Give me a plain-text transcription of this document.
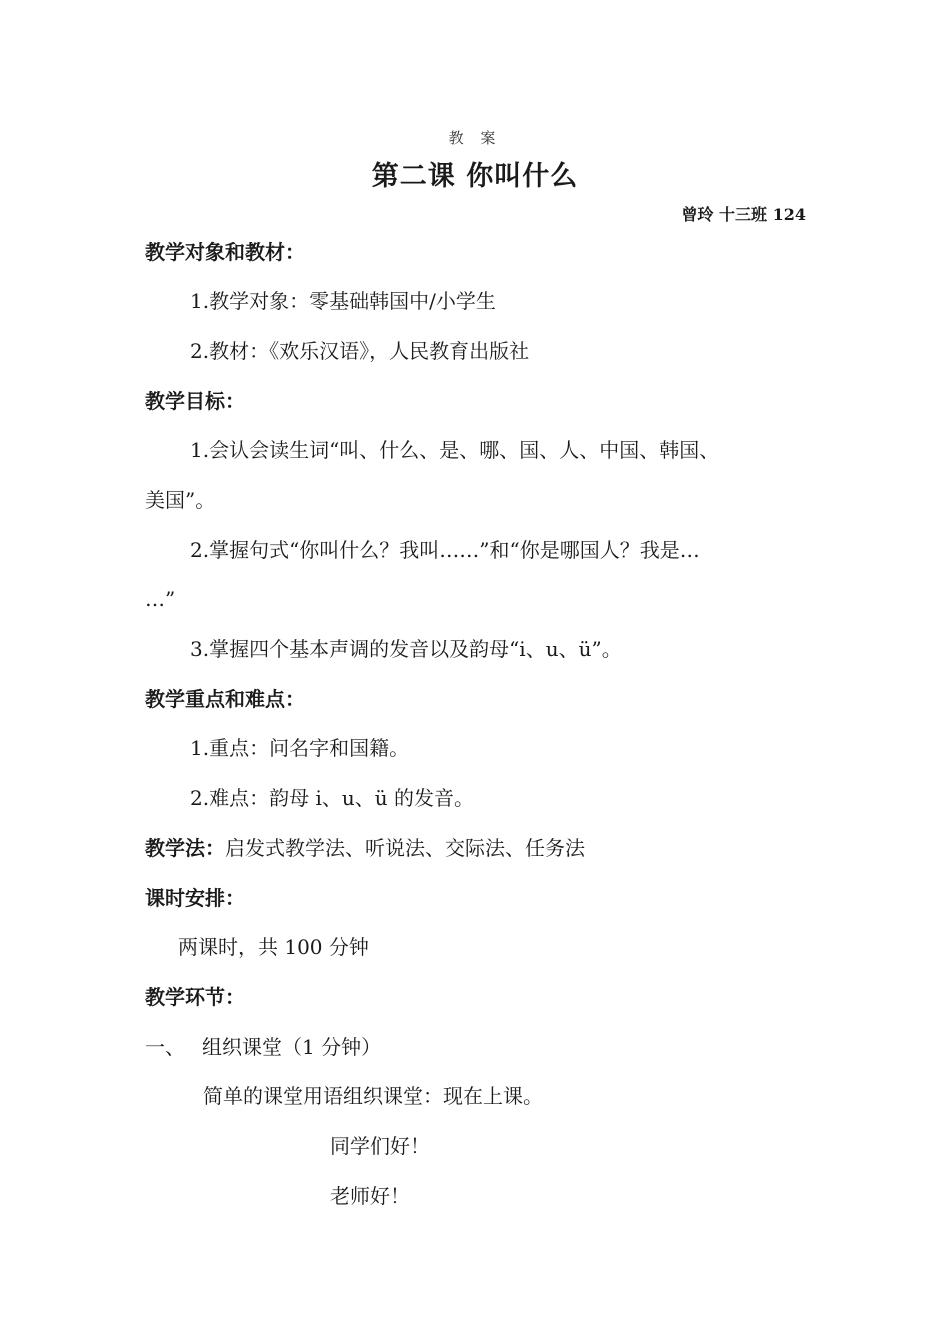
教 案
第二课 你叫什么
曾玲 十三班 124
教学对象和教材：
1.教学对象：零基础韩国中/小学生
2.教材：《欢乐汉语》，人民教育出版社
教学目标：
1.会认会读生词“叫、什么、是、哪、国、人、中国、韩国、
美国”。
2.掌握句式“你叫什么？我叫……”和“你是哪国人？我是…
…”
3.掌握四个基本声调的发音以及韵母“i、u、ü”。
教学重点和难点：
1.重点：问名字和国籍。
2.难点：韵母 i、u、ü 的发音。
教学法：启发式教学法、听说法、交际法、任务法
课时安排：
两课时，共 100 分钟
教学环节：
一、 组织课堂（1 分钟）
简单的课堂用语组织课堂：现在上课。
同学们好！
老师好！
